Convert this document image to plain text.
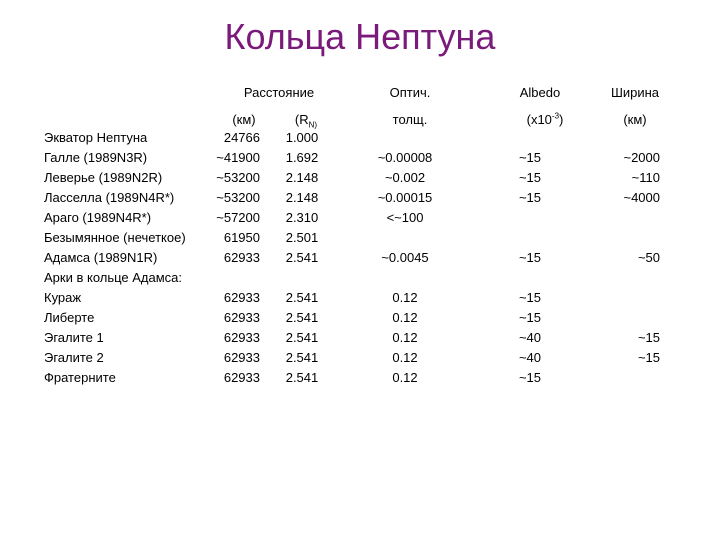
Кольца Нептуна
Расстояние	Оптич.	Albedo	Ширина
(км)	($R_{N)}$	толщ.	$(x10^{-3})$	(км)
Экватор Нептуна	24766	1.000
Галле (1989N3R)	~41900	1.692	~0.00008	~15	~2000
Леверье (1989N2R)	~53200	2.148	~0.002	~15	~110
Ласселла (1989N4R*)	~53200	2.148	~0.00015	~15	~4000
Араго (1989N4R*)	~57200	2.310	<~100
Безымянное (нечеткое)	61950	2.501
Адамса (1989N1R)	62933	2.541	~0.0045	~15	~50
Арки в кольце Адамса:
Кураж	62933	2.541	0.12	~15
Либерте	62933	2.541	0.12	~15
Эгалите 1	62933	2.541	0.12	~40	~15
Эгалите 2	62933	2.541	0.12	~40	~15
Фратерните	62933	2.541	0.12	~15
